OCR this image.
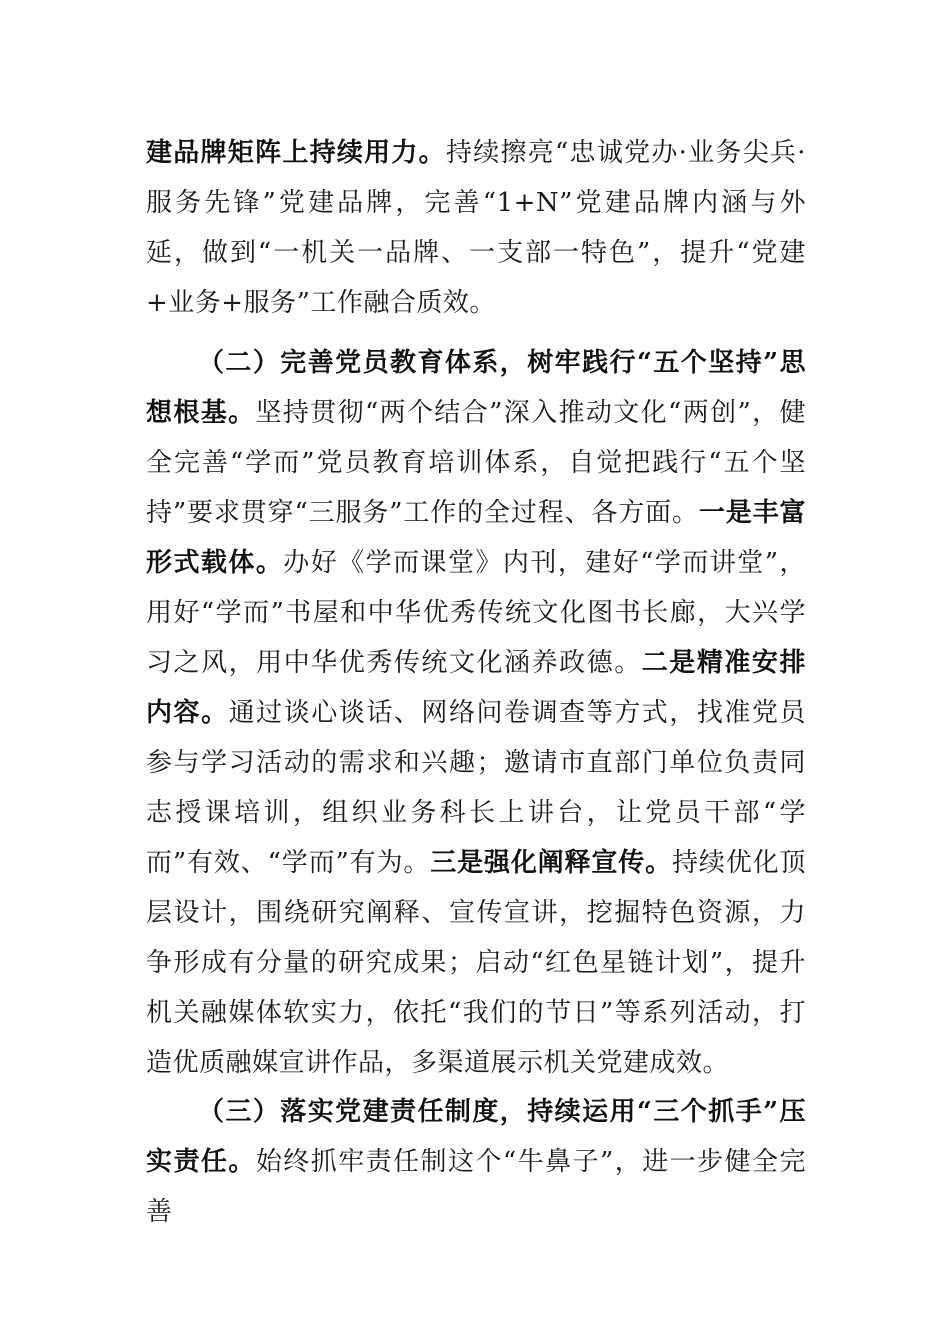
建品牌矩阵上持续用力。持续擦亮“忠诚党办·业务尖兵·服务先锋”党建品牌，完善“1+N”党建品牌内涵与外延，做到“一机关一品牌、一支部一特色”，提升“党建+业务+服务”工作融合质效。

（二）完善党员教育体系，树牢践行“五个坚持”思想根基。坚持贯彻“两个结合”深入推动文化“两创”，健全完善“学而”党员教育培训体系，自觉把践行“五个坚持”要求贯穿“三服务”工作的全过程、各方面。一是丰富形式载体。办好《学而课堂》内刊，建好“学而讲堂”，用好“学而”书屋和中华优秀传统文化图书长廊，大兴学习之风，用中华优秀传统文化涵养政德。二是精准安排内容。通过谈心谈话、网络问卷调查等方式，找准党员参与学习活动的需求和兴趣；邀请市直部门单位负责同志授课培训，组织业务科长上讲台，让党员干部“学而”有效、“学而”有为。三是强化阐释宣传。持续优化顶层设计，围绕研究阐释、宣传宣讲，挖掘特色资源，力争形成有分量的研究成果；启动“红色星链计划”，提升机关融媒体软实力，依托“我们的节日”等系列活动，打造优质融媒宣讲作品，多渠道展示机关党建成效。

（三）落实党建责任制度，持续运用“三个抓手”压实责任。始终抓牢责任制这个“牛鼻子”，进一步健全完善
